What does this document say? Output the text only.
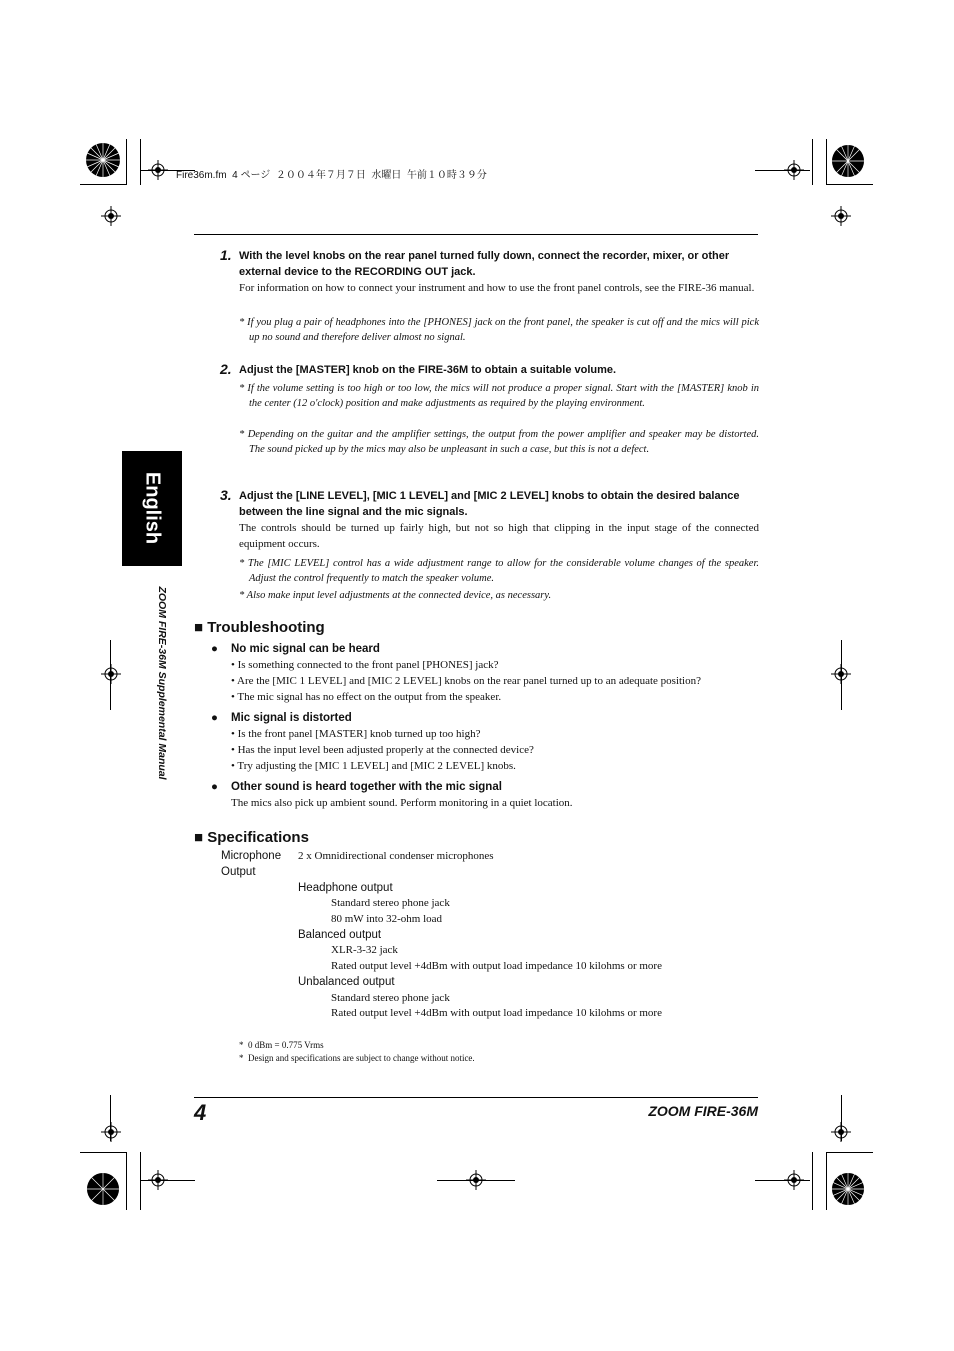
Fire36m.fm  4 ページ  ２００４年７月７日  水曜日  午前１０時３９分
English
ZOOM FIRE-36M Supplemental Manual
1. With the level knobs on the rear panel turned fully down, connect the recorder, mixer, or other
external device to the RECORDING OUT jack.
For information on how to connect your instrument and how to use the front panel controls, see the FIRE-36 manual.
* If you plug a pair of headphones into the [PHONES] jack on the front panel, the speaker is cut off and the mics will pick up no sound and therefore deliver almost no signal.
2. Adjust the [MASTER] knob on the FIRE-36M to obtain a suitable volume.
* If the volume setting is too high or too low, the mics will not produce a proper signal. Start with the [MASTER] knob in the center (12 o'clock) position and make adjustments as required by the playing environment.
* Depending on the guitar and the amplifier settings, the output from the power amplifier and speaker may be distorted. The sound picked up by the mics may also be unpleasant in such a case, but this is not a defect.
3. Adjust the [LINE LEVEL], [MIC 1 LEVEL] and [MIC 2 LEVEL] knobs to obtain the desired balance
between the line signal and the mic signals.
The controls should be turned up fairly high, but not so high that clipping in the input stage of the connected equipment occurs.
* The [MIC LEVEL] control has a wide adjustment range to allow for the considerable volume changes of the speaker. Adjust the control frequently to match the speaker volume.
* Also make input level adjustments at the connected device, as necessary.
■ Troubleshooting
● No mic signal can be heard
• Is something connected to the front panel [PHONES] jack?
• Are the [MIC 1 LEVEL] and [MIC 2 LEVEL] knobs on the rear panel turned up to an adequate position?
• The mic signal has no effect on the output from the speaker.
● Mic signal is distorted
• Is the front panel [MASTER] knob turned up too high?
• Has the input level been adjusted properly at the connected device?
• Try adjusting the [MIC 1 LEVEL] and [MIC 2 LEVEL] knobs.
● Other sound is heard together with the mic signal
The mics also pick up ambient sound. Perform monitoring in a quiet location.
■ Specifications
Microphone 2 x Omnidirectional condenser microphones
Output
Headphone output
Standard stereo phone jack
80 mW into 32-ohm load
Balanced output
XLR-3-32 jack
Rated output level +4dBm with output load impedance 10 kilohms or more
Unbalanced output
Standard stereo phone jack
Rated output level +4dBm with output load impedance 10 kilohms or more
*  0 dBm = 0.775 Vrms
*  Design and specifications are subject to change without notice.
4	ZOOM FIRE-36M
